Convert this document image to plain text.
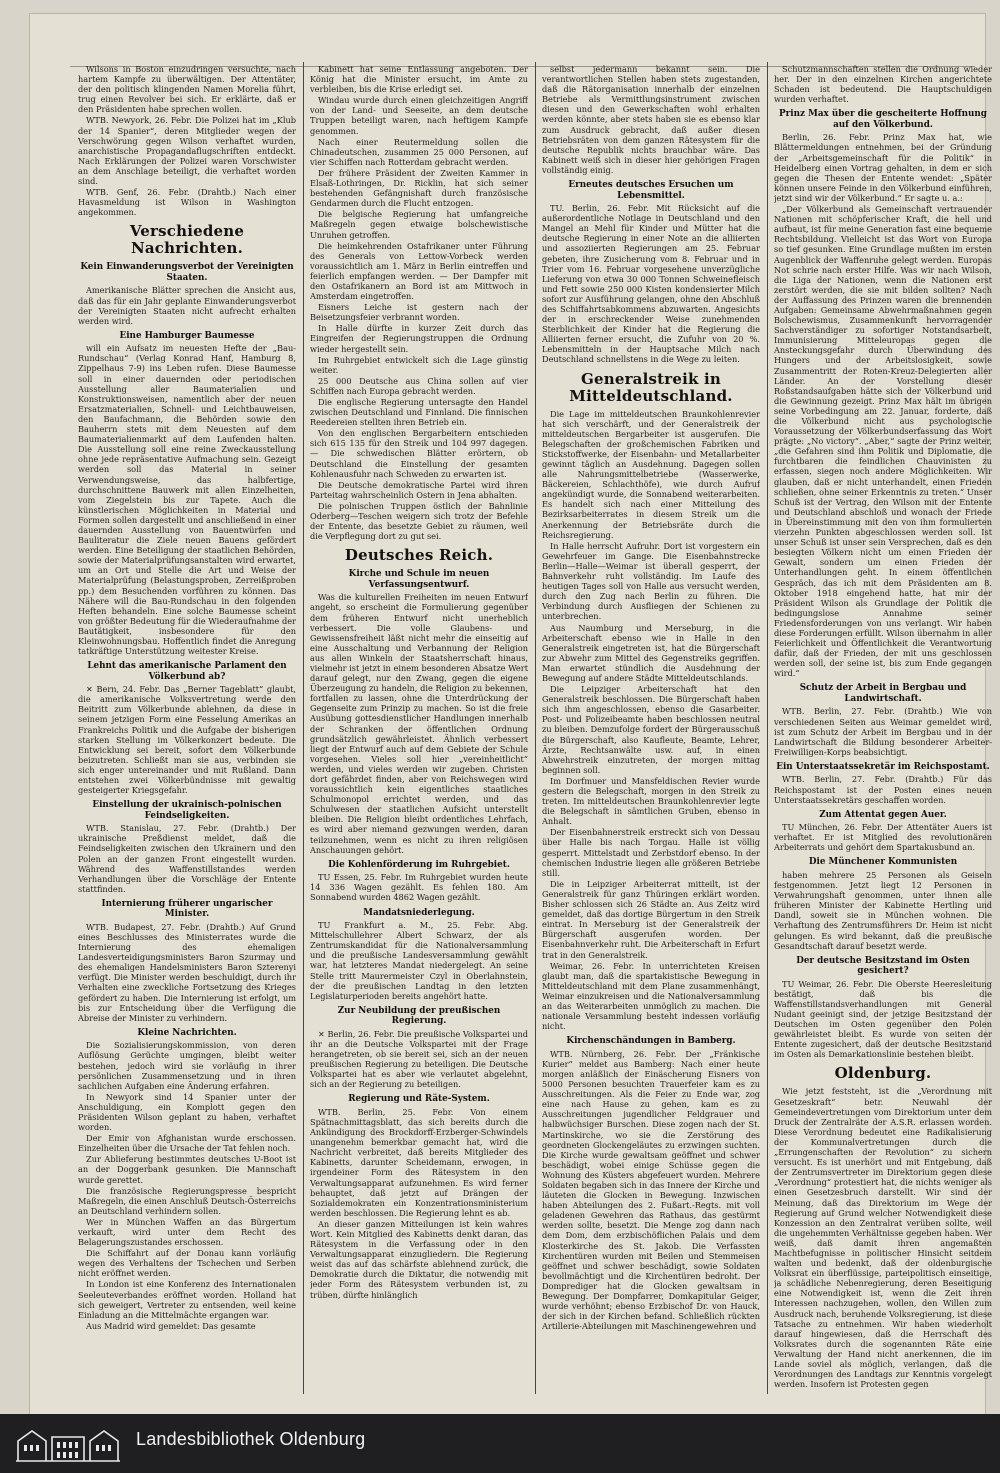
Wilsons in Boston einzudringen versuchte, nach hartem Kampfe zu überwältigen. Der Attentäter, der den politisch klingenden Namen Morelia führt, trug einen Revolver bei sich. Er erklärte, daß er den Präsidenten habe sprechen wollen.

WTB. Newyork, 26. Febr. Die Polizei hat im „Klub der 14 Spanier“, deren Mitglieder wegen der Verschwörung gegen Wilson verhaftet wurden, anarchistische Propagandaflugschriften entdeckt. Nach Erklärungen der Polizei waren Vorschwister an dem Anschlage beteiligt, die verhaftet worden sind.

WTB. Genf, 26. Febr. (Drahtb.) Nach einer Havasmeldung ist Wilson in Washington angekommen.

Verschiedene Nachrichten.
Kein Einwanderungsverbot der Vereinigten Staaten.

Amerikanische Blätter sprechen die Ansicht aus, daß das für ein Jahr geplante Einwanderungsverbot der Vereinigten Staaten nicht aufrecht erhalten werden wird.

Eine Hamburger Baumesse

will ein Aufsatz im neuesten Hefte der „Bau-Rundschau“ (Verlag Konrad Hanf, Hamburg 8, Zippelhaus 7-9) ins Leben rufen. Diese Baumesse soll in einer dauernden oder periodischen Ausstellung aller Baumaterialien und Konstruktionsweisen, namentlich aber der neuen Ersatzmaterialien, Schnell- und Leichtbauweisen, den Baufachmann, die Behörden sowie den Bauherrn stets mit dem Neuesten auf dem Baumaterialienmarkt auf dem Laufenden halten. Die Ausstellung soll eine reine Zweckausstellung ohne jede repräsentative Aufmachung sein. Gezeigt werden soll das Material in seiner Verwendungsweise, das halbfertige, durchschnittene Bauwerk mit allen Einzelheiten, vom Ziegelstein bis zur Tapete. Auch die künstlerischen Möglichkeiten in Material und Formen sollen dargestellt und anschließend in einer dauernden Ausstellung von Bauentwürfen und Bauliteratur die Ziele neuen Bauens gefördert werden. Eine Beteiligung der staatlichen Behörden, sowie der Materialprüfungsanstalten wird erwartet, um an Ort und Stelle die Art und Weise der Materialprüfung (Belastungsproben, Zerreißproben pp.) dem Besuchenden vorführen zu können. Das Nähere will die Bau-Rundschau in den folgenden Heften behandeln. Eine solche Baumesse scheint von größter Bedeutung für die Wiederaufnahme der Bautätigkeit, insbesondere für den Kleinwohnungsbau. Hoffentlich findet die Anregung tatkräftige Unterstützung weitester Kreise.

Lehnt das amerikanische Parlament den Völkerbund ab?

✕ Bern, 24. Febr. Das „Berner Tageblatt“ glaubt, die amerikanische Volksvertretung werde den Beitritt zum Völkerbunde ablehnen, da diese in seinem jetzigen Form eine Fesselung Amerikas an Frankreichs Politik und die Aufgabe der bisherigen starken Stellung im Völkerkonzert bedeute. Die Entwicklung sei bereit, sofort dem Völkerbunde beizutreten. Schließt man sie aus, verbinden sie sich enger untereinander und mit Rußland. Dann entstehen zwei Völkerbündnisse mit gewaltig gesteigerter Kriegsgefahr.

Einstellung der ukrainisch-polnischen Feindseligkeiten.

WTB. Stanislau, 27. Febr. (Drahtb.) Der ukrainische Preßdienst meldet, daß die Feindseligkeiten zwischen den Ukrainern und den Polen an der ganzen Front eingestellt wurden. Während des Waffenstillstandes werden Verhandlungen über die Vorschläge der Entente stattfinden.

Internierung früherer ungarischer Minister.

WTB. Budapest, 27. Febr. (Drahtb.) Auf Grund eines Beschlusses des Ministerrates wurde die Internierung des ehemaligen Landesverteidigungsministers Baron Szurmay und des ehemaligen Handelsministers Baron Szterenyi verfügt. Die Minister werden beschuldigt, durch ihr Verhalten eine zweckliche Fortsetzung des Krieges gefördert zu haben. Die Internierung ist erfolgt, um bis zur Entscheidung über die Verfügung die Abreise der Minister zu verhindern.

Kleine Nachrichten.

Die Sozialisierungskommission, von deren Auflösung Gerüchte umgingen, bleibt weiter bestehen, jedoch wird sie vorläufig in ihrer persönlichen Zusammensetzung und in ihren sachlichen Aufgaben eine Änderung erfahren.

In Newyork sind 14 Spanier unter der Anschuldigung, ein Komplott gegen den Präsidenten Wilson geplant zu haben, verhaftet worden.

Der Emir von Afghanistan wurde erschossen. Einzelheiten über die Ursache der Tat fehlen noch.

Zur Ablieferung bestimmtes deutsches U-Boot ist an der Doggerbank gesunken. Die Mannschaft wurde gerettet.

Die französische Regierungspresse bespricht Maßregeln, die einen Anschluß Deutsch-Österreichs an Deutschland verhindern sollen.

Wer in München Waffen an das Bürgertum verkauft, wird unter dem Recht des Belagerungszustandes erschossen.

Die Schiffahrt auf der Donau kann vorläufig wegen des Verhaltens der Tschechen und Serben nicht eröffnet werden.

In London ist eine Konferenz des Internationalen Seeleuteverbandes eröffnet worden. Holland hat sich geweigert, Vertreter zu entsenden, weil keine Einladung an die Mittelmächte ergangen war.

Aus Madrid wird gemeldet: Das gesamte

Kabinett hat seine Entlassung angeboten. Der König hat die Minister ersucht, im Amte zu verbleiben, bis die Krise erledigt sei.

Windau wurde durch einen gleichzeitigen Angriff von der Land- und Seeseite, an dem deutsche Truppen beteiligt waren, nach heftigem Kampfe genommen.

Nach einer Reutermeldung sollen die Chinadeutschen, zusammen 25 000 Personen, auf vier Schiffen nach Rotterdam gebracht werden.

Der frühere Präsident der Zweiten Kammer in Elsaß-Lothringen, Dr. Ricklin, hat sich seiner bestehenden Gefängnishaft durch französische Gendarmen durch die Flucht entzogen.

Die belgische Regierung hat umfangreiche Maßregeln gegen etwaige bolschewistische Unruhen getroffen.

Die heimkehrenden Ostafrikaner unter Führung des Generals von Lettow-Vorbeck werden voraussichtlich am 1. März in Berlin eintreffen und feierlich empfangen werden. — Der Dampfer mit den Ostafrikanern an Bord ist am Mittwoch in Amsterdam eingetroffen.

Eisners Leiche ist gestern nach der Beisetzungsfeier verbrannt worden.

In Halle dürfte in kurzer Zeit durch das Eingreifen der Regierungstruppen die Ordnung wieder hergestellt sein.

Im Ruhrgebiet entwickelt sich die Lage günstig weiter.

25 000 Deutsche aus China sollen auf vier Schiffen nach Europa gebracht werden.

Die englische Regierung untersagte den Handel zwischen Deutschland und Finnland. Die finnischen Reedereien stellten ihren Betrieb ein.

Von den englischen Bergarbeitern entschieden sich 615 135 für den Streik und 104 997 dagegen. — Die schwedischen Blätter erörtern, ob Deutschland die Einstellung der gesamten Kohlenausfuhr nach Schweden zu erwarten ist.

Die Deutsche demokratische Partei wird ihren Parteitag wahrscheinlich Ostern in Jena abhalten.

Die polnischen Truppen östlich der Bahnlinie Oderberg—Teschen weigern sich trotz der Befehle der Entente, das besetzte Gebiet zu räumen, weil die Verpflegung dort zu gut sei.

Deutsches Reich.
Kirche und Schule im neuen Verfassungsentwurf.

Was die kulturellen Freiheiten im neuen Entwurf angeht, so erscheint die Formulierung gegenüber dem früheren Entwurf nicht unerheblich verbessert. Die volle Glaubens- und Gewissensfreiheit läßt nicht mehr die einseitig auf eine Ausschaltung und Verbannung der Religion aus allen Winkeln der Staatsherrschaft hinaus, vielmehr ist jetzt in einem besonderen Absatze Wert darauf gelegt, nur den Zwang, gegen die eigene Überzeugung zu handeln, die Religion zu bekennen, fortfallen zu lassen, ohne die Unterdrückung der Gegenseite zum Prinzip zu machen. So ist die freie Ausübung gottesdienstlicher Handlungen innerhalb der Schranken der öffentlichen Ordnung grundsätzlich gewährleistet. Ähnlich verbessert liegt der Entwurf auch auf dem Gebiete der Schule vorgesehen. Vieles soll hier „vereinheitlicht“ werden, und vieles werden wir zugeben. Christen dort gefährdet finden, aber von Reichswegen wird voraussichtlich kein eigentliches staatliches Schulmonopol errichtet werden, und das Schulwesen der staatlichen Aufsicht unterstellt bleiben. Die Religion bleibt ordentliches Lehrfach, es wird aber niemand gezwungen werden, daran teilzunehmen, wenn es nicht zu ihren religiösen Anschauungen gehört.

Die Kohlenförderung im Ruhrgebiet.

TU Essen, 25. Febr. Im Ruhrgebiet wurden heute 14 336 Wagen gezählt. Es fehlen 180. Am Sonnabend wurden 4862 Wagen gezählt.

Mandatsniederlegung.

TU Frankfurt a. M., 25. Febr. Abg. Mittelschullehrer Albert Schwarz, der als Zentrumskandidat für die Nationalversammlung und die preußische Landesversammlung gewählt war, hat letzteres Mandat niedergelegt. An seine Stelle tritt Maurermeister Czyl in Oberlahnstein, der die preußischen Landtag in den letzten Legislaturperioden bereits angehört hatte.

Zur Neubildung der preußischen Regierung.

✕ Berlin, 26. Febr. Die preußische Volkspartei und ihr an die Deutsche Volkspartei mit der Frage herangetreten, ob sie bereit sei, sich an der neuen preußischen Regierung zu beteiligen. Die Deutsche Volkspartei hat es aber wie verlautet abgelehnt, sich an der Regierung zu beteiligen.

Regierung und Räte-System.

WTB. Berlin, 25. Febr. Von einem Spätnachmittagsblatt, das sich bereits durch die Ankündigung des Brockdorff-Erzberger-Schwindels unangenehm bemerkbar gemacht hat, wird die Nachricht verbreitet, daß bereits Mitglieder des Kabinetts, darunter Scheidemann, erwogen, in irgendeiner Form des Rätesystem in den Verwaltungsapparat aufzunehmen. Es wird ferner behauptet, daß jetzt auf Drängen der Sozialdemokraten ein Konzentrationsministerium werden beschlossen. Die Regierung lehnt es ab.

An dieser ganzen Mitteilungen ist kein wahres Wort. Kein Mitglied des Kabinetts denkt daran, das Rätesystem in die Verfassung oder in den Verwaltungsapparat einzugliedern. Die Regierung weist das auf das schärfste ablehnend zurück, die Demokratie durch die Diktatur, die notwendig mit jeder Form des Rätesystem verbunden ist, zu trüben, dürfte hinlänglich

selbst jedermann bekannt sein. Die verantwortlichen Stellen haben stets zugestanden, daß die Rätorganisation innerhalb der einzelnen Betriebe als Vermittlungsinstrument zwischen diesen und den Gewerkschaften wohl erhalten werden könnte, aber stets haben sie es ebenso klar zum Ausdruck gebracht, daß außer diesen Betriebsräten von dem ganzen Rätesystem für die deutsche Republik nichts brauchbar wäre. Das Kabinett weiß sich in dieser hier gehörigen Fragen vollständig einig.

Erneutes deutsches Ersuchen um Lebensmittel.

TU. Berlin, 26. Febr. Mit Rücksicht auf die außerordentliche Notlage in Deutschland und den Mangel an Mehl für Kinder und Mütter hat die deutsche Regierung in einer Note an die alliierten und assoziierten Regierungen am 25. Februar gebeten, ihre Zusicherung vom 8. Februar und in Trier vom 16. Februar vorgesehene unverzügliche Lieferung von etwa 30 000 Tonnen Schweinefleisch und Fett sowie 250 000 Kisten kondensierter Milch sofort zur Ausführung gelangen, ohne den Abschluß des Schiffahrtsabkommens abzuwarten. Angesichts der in erschreckender Weise zunehmenden Sterblichkeit der Kinder hat die Regierung die Alliierten ferner ersucht, die Zufuhr von 20 %. Lebensmitteln in der Hauptsache Milch nach Deutschland schnellstens in die Wege zu leiten.

Generalstreik in Mitteldeutschland.

Die Lage im mitteldeutschen Braunkohlenrevier hat sich verschärft, und der Generalstreik der mitteldeutschen Bergarbeiter ist ausgerufen. Die Belegschaften der großchemischen Fabriken und Stickstoffwerke, der Eisenbahn- und Metallarbeiter gewinnt täglich an Ausdehnung. Dagegen sollen alle Nahrungsmittelbetriebe (Wasserwerke, Bäckereien, Schlachthöfe), wie durch Aufruf angekündigt wurde, die Sonnabend weiterarbeiten. Es handelt sich nach einer Mitteilung des Bezirksarbeiterrates in diesem Streik um die Anerkennung der Betriebsräte durch die Reichsregierung.

In Halle herrscht Aufruhr. Dort ist vorgestern ein Gewehrfeuer im Gange. Die Eisenbahnstrecke Berlin—Halle—Weimar ist überall gesperrt, der Bahnverkehr ruht vollständig. Im Laufe des heutigen Tages soll von Halle aus versucht werden, durch den Zug nach Berlin zu führen. Die Verbindung durch Ausfliegen der Schienen zu unterbrechen.

Aus Naumburg und Merseburg, in die Arbeiterschaft ebenso wie in Halle in den Generalstreik eingetreten ist, hat die Bürgerschaft zur Abwehr zum Mittel des Gegenstreiks gegriffen. Man erwartet stündlich die Ausdehnung der Bewegung auf andere Städte Mitteldeutschlands.

Die Leipziger Arbeiterschaft hat den Generalstreik beschlossen. Die Bürgerschaft haben sich ihm angeschlossen, ebenso die Gasarbeiter. Post- und Polizeibeamte haben beschlossen neutral zu bleiben. Demzufolge fordert der Bürgerausschuß die Bürgerschaft, also Kaufleute, Beamte, Lehrer, Ärzte, Rechtsanwälte usw. auf, in einen Abwehrstreik einzutreten, der morgen mittag beginnen soll.

Im Dorfmuer und Mansfeldischen Revier wurde gestern die Belegschaft, morgen in den Streik zu treten. Im mitteldeutschen Braunkohlenrevier legte die Belegschaft in sämtlichen Gruben, ebenso in Anhalt.

Der Eisenbahnerstreik erstreckt sich von Dessau über Halle bis nach Torgau. Halle ist völlig gesperrt. Mittelstadt und Zerbstdorf ebenso. In der chemischen Industrie liegen alle größeren Betriebe still.

Die in Leipziger Arbeiterrat mitteilt, ist der Generalstreik für ganz Thüringen erklärt worden. Bisher schlossen sich 26 Städte an. Aus Zeitz wird gemeldet, daß das dortige Bürgertum in den Streik eintrat. In Merseburg ist der Generalstreik der Bürgerschaft ausgerufen worden. Der Eisenbahnverkehr ruht. Die Arbeiterschaft in Erfurt trat in den Generalstreik.

Weimar, 26. Febr. In unterrichteten Kreisen glaubt man, daß die spartakistische Bewegung in Mitteldeutschland mit dem Plane zusammenhängt, Weimar einzukreisen und die Nationalversammlung an das Weiterarbeiten unmöglich zu machen. Die nationale Versammlung besteht indessen vorläufig nicht.

Kirchenschändungen in Bamberg.

WTB. Nürnberg, 26. Febr. Der „Fränkische Kurier“ meldet aus Bamberg: Nach einer heute morgen anläßlich der Einäscherung Eisners von 5000 Personen besuchten Trauerfeier kam es zu Ausschreitungen. Als die Feier zu Ende war, zog eine nach Hause zu gehen, kam es zu Ausschreitungen jugendlicher Feldgrauer und halbwüchsiger Burschen. Diese zogen nach der St. Martinskirche, wo sie die Zerstörung des geordneten Glockengeläutes zu erzwingen suchten. Die Kirche wurde gewaltsam geöffnet und schwer beschädigt, wobei einige Schüsse gegen die Wohnung des Küsters abgefeuert wurden. Mehrere Soldaten begaben sich in das Innere der Kirche und läuteten die Glocken in Bewegung. Inzwischen haben Abteilungen des 2. Fußart.-Regts. mit voll geladenen Gewehren das Rathaus, das gestürmt werden sollte, besetzt. Die Menge zog dann nach dem Dom, dem erzbischöflichen Palais und dem Klosterkirche des St. Jakob. Die Verfassten Kirchentüren wurden mit Beilen und Stemmeisen geöffnet und schwer beschädigt, sowie Soldaten bevollmächtigt und die Kirchentüren bedroht. Der Domprediger hat die Glocken gewaltsam in Bewegung. Der Dompfarrer, Domkapitular Geiger, wurde verhöhnt; ebenso Erzbischof Dr. von Hauck, der sich in der Kirchen befand. Schließlich rückten Artillerie-Abteilungen mit Maschinengewehren und

Schutzmannschaften stellen die Ordnung wieder her. Der in den einzelnen Kirchen angerichtete Schaden ist bedeutend. Die Hauptschuldigen wurden verhaftet.

Prinz Max über die gescheiterte Hoffnung auf den Völkerbund.

Berlin, 26. Febr. Prinz Max hat, wie Blättermeldungen entnehmen, bei der Gründung der „Arbeitsgemeinschaft für die Politik“ in Heidelberg einen Vortrag gehalten, in dem er sich gegen die Thesen der Entente wendet: „Später können unsere Feinde in den Völkerbund einführen, jetzt sind wir der Völkerbund.“ Er sagte u. a.:

„Der Völkerbund als Gemeinschaft vertrauender Nationen mit schöpferischer Kraft, die hell und aufbaut, ist für meine Generation fast eine bequeme Rechtsbildung. Vielleicht ist das Wort von Europa so tief gesunken. Eine Grundlage mußten im ersten Augenblick der Waffenruhe gelegt werden. Europas Not schrie nach erster Hilfe. Was wir nach Wilson, die Liga der Nationen, wenn die Nationen erst zerstört werden, die sie mit bilden sollten? Nach der Auffassung des Prinzen waren die brennenden Aufgaben: Gemeinsame Abwehrmaßnahmen gegen Bolschewismus, Zusammenkunft hervorragender Sachverständiger zu sofortiger Notstandsarbeit, Immunisierung Mitteleuropas gegen die Ansteckungsgefahr durch Überwindung des Hungers und der Arbeitslosigkeit, sowie Zusammentritt der Roten-Kreuz-Delegierten aller Länder. An der Vorstellung dieser Roßstandsaufgaben hätte sich der Völkerbund und die Gewinnung gezeigt. Prinz Max hält im übrigen seine Vorbedingung am 22. Januar, forderte, daß die Völkerbund nicht aus psychologische Voraussetzung der Völkerbundserfassung das Wort prägte: „No victory“. „Aber,“ sagte der Prinz weiter, „die Gefahren sind ihm Politik und Diplomatie, die furchtbaren die feindlichen Chauvinisten zu erfassen, siegen noch andere Möglichkeiten. Wir glauben, daß er nicht unterhandelt, einen Frieden schließen, ohne seiner Erkenntnis zu treten.“ Unser Schuß ist der Vertrag, den Wilson mit der Entente und Deutschland abschloß und wonach der Friede in Übereinstimmung mit den von ihm formulierten vierzehn Punkten abgeschlossen werden soll. Ist unser Schuß ist unser sein Versprechen, daß es den besiegten Völkern nicht um einen Frieden der Gewalt, sondern um einen Frieden der Unterhandlungen geht. In einem öffentlichen Gespräch, das ich mit dem Präsidenten am 8. Oktober 1918 eingehend hatte, hat mir der Präsident Wilson als Grundlage der Politik die bedingungslose Annahme seiner Friedensforderungen von uns verlangt. Wir haben diese Forderungen erfüllt. Wilson übernahm in aller Feierlichkeit und Öffentlichkeit die Verantwortung dafür, daß der Frieden, der mit uns geschlossen werden soll, der seine ist, bis zum Ende gegangen wird.“

Schutz der Arbeit in Bergbau und Landwirtschaft.

WTB. Berlin, 27. Febr. (Drahtb.) Wie von verschiedenen Seiten aus Weimar gemeldet wird, ist zum Schutz der Arbeit im Bergbau und in der Landwirtschaft die Bildung besonderer Arbeiter-Freiwilligen-Korps beabsichtigt.

Ein Unterstaatssekretär im Reichspostamt.

WTB. Berlin, 27. Febr. (Drahtb.) Für das Reichspostamt ist der Posten eines neuen Unterstaatssekretärs geschaffen worden.

Zum Attentat gegen Auer.

TU München, 26. Febr. Der Attentäter Auers ist verhaftet. Er ist Mitglied des revolutionären Arbeiterrats und gehört dem Spartakusbund an.

Die Münchener Kommunisten

haben mehrere 25 Personen als Geiseln festgenommen. Jetzt liegt 12 Personen in Verwahrungshaft genommen, unter ihnen alle früheren Minister der Kabinette Hertling und Dandl, soweit sie in München wohnen. Die Verhaftung des Zentrumsführers Dr. Heim ist nicht gelungen. Es wird bekannt, daß die preußische Gesandtschaft darauf besetzt werde.

Der deutsche Besitzstand im Osten gesichert?

TU Weimar, 26. Febr. Die Oberste Heeresleitung bestätigt, daß bis die Waffenstillstandsverhandlungen mit General Nudant geeinigt sind, der jetzige Besitzstand der Deutschen im Osten gegenüber den Polen gewährleistet bleibt. Es wurde von seiten der Entente zugesichert, daß der deutsche Besitzstand im Osten als Demarkationslinie bestehen bleibt.

Oldenburg.

Wie jetzt feststeht, ist die „Verordnung mit Gesetzeskraft“ betr. Neuwahl der Gemeindevertretungen vom Direktorium unter dem Druck der Zentralräte der A.S.R. erlassen worden. Diese Verordnung bedeutet eine Radikalisierung der Kommunalvertretungen durch die „Errungenschaften der Revolution“ zu sichern versucht. Es ist unerhört und mit Entgebung, daß der Zentrumsvertreter im Direktorium gegen diese „Verordnung“ protestiert hat, die nichts weniger als einen Gesetzesbruch darstellt. Wir sind der Meinung, daß das Direktorium im Wege der Regierung auf Grund welcher Notwendigkeit diese Konzession an den Zentralrat verüben sollte, weil die ungehemmten Verhältnisse gegeben haben. Wer weiß, daß damit ihren angemaßten Machtbefugnisse in politischer Hinsicht seitdem walten und bedenkt, daß der oldenburgische Volksrat ein überflüssige, parteipolitisch einseitige, ja schädliche Nebenregierung, deren Beseitigung eine Notwendigkeit ist, wenn die Zeit ihren Interessen nachzugehen, wollen, den Willen zum Ausdruck nach, beruhende Volksregierung, ist diese Tatsache zu entnehmen. Wir haben wiederholt darauf hingewiesen, daß die Herrschaft des Volksrates durch die sogenannten Räte eine Verwaltung der Hand nicht anerkennen, die im Lande soviel als möglich, verlangen, daß die Verordnungen des Landtags zur Kenntnis vorgelegt werden. Insofern ist Protesten gegen

Landesbibliothek Oldenburg
